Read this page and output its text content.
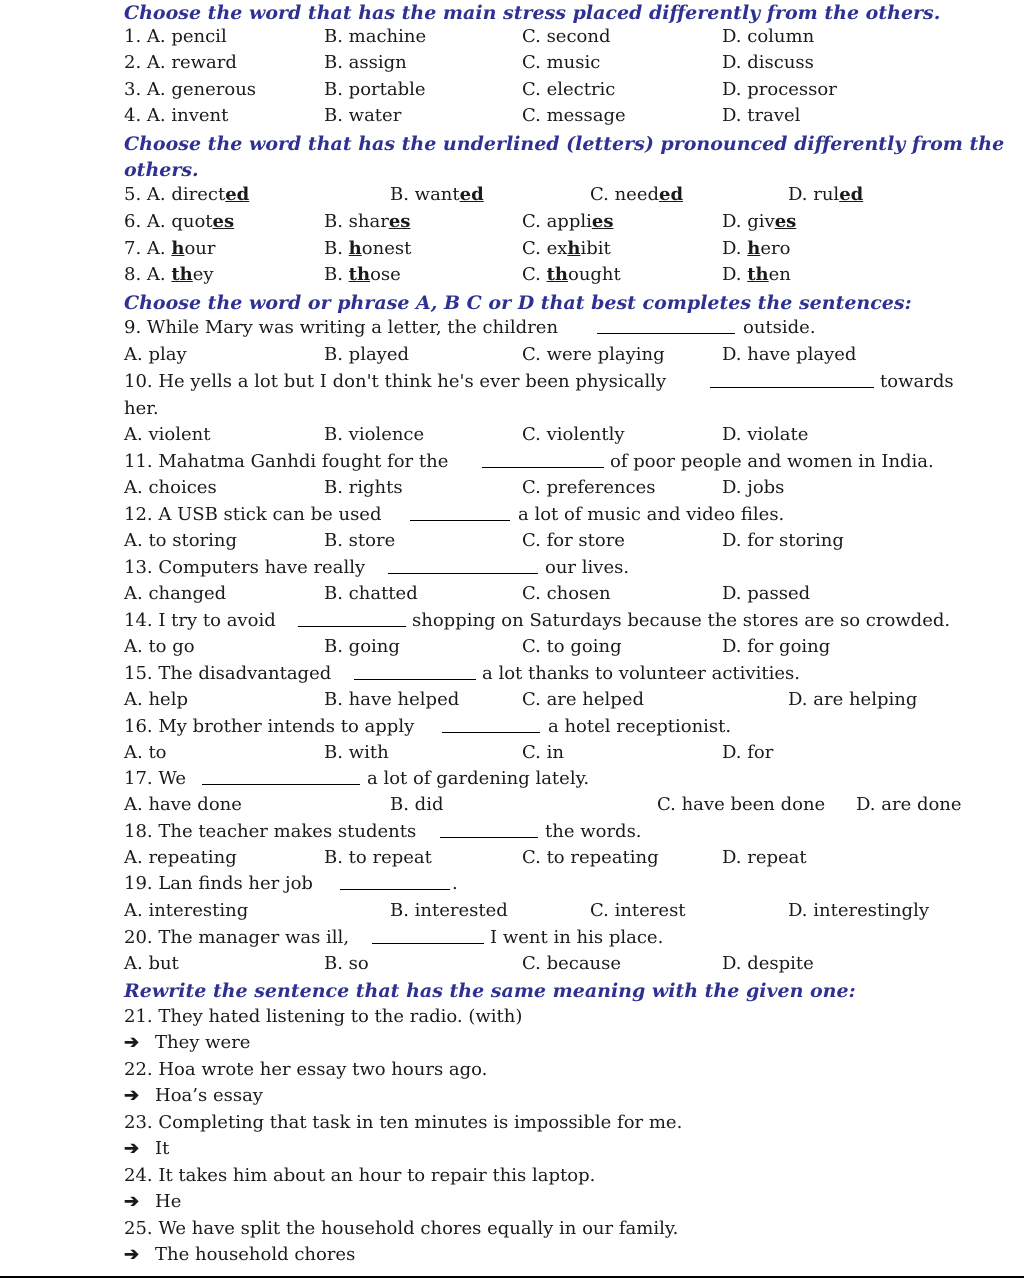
Choose the word that has the main stress placed differently from the others.
1. A. pencil	B. machine	C. second	D. column
2. A. reward	B. assign	C. music	D. discuss
3. A. generous	B. portable	C. electric	D. processor
4. A. invent	B. water	C. message	D. travel
Choose the word that has the underlined (letters) pronounced differently from the
others.
5. A. directed	B. wanted	C. needed	D. ruled
6. A. quotes	B. shares	C. applies	D. gives
7. A. hour	B. honest	C. exhibit	D. hero
8. A. they	B. those	C. thought	D. then
Choose the word or phrase A, B C or D that best completes the sentences:
9. While Mary was writing a letter, the children	outside.
A. play	B. played	C. were playing	D. have played
10. He yells a lot but I don't think he's ever been physically	towards
her.
A. violent	B. violence	C. violently	D. violate
11. Mahatma Ganhdi fought for the	of poor people and women in India.
A. choices	B. rights	C. preferences	D. jobs
12. A USB stick can be used	a lot of music and video files.
A. to storing	B. store	C. for store	D. for storing
13. Computers have really	our lives.
A. changed	B. chatted	C. chosen	D. passed
14. I try to avoid	shopping on Saturdays because the stores are so crowded.
A. to go	B. going	C. to going	D. for going
15. The disadvantaged	a lot thanks to volunteer activities.
A. help	B. have helped	C. are helped	D. are helping
16. My brother intends to apply	a hotel receptionist.
A. to	B. with	C. in	D. for
17. We	a lot of gardening lately.
A. have done	B. did	C. have been done D. are done
18. The teacher makes students	the words.
A. repeating	B. to repeat	C. to repeating	D. repeat
19. Lan finds her job	.
A. interesting	B. interested	C. interest	D. interestingly
20. The manager was ill,	I went in his place.
A. but	B. so	C. because	D. despite
Rewrite the sentence that has the same meaning with the given one:
21. They hated listening to the radio. (with)
➔ They were
22. Hoa wrote her essay two hours ago.
➔ Hoa’s essay
23. Completing that task in ten minutes is impossible for me.
➔ It
24. It takes him about an hour to repair this laptop.
➔ He
25. We have split the household chores equally in our family.
➔ The household chores
